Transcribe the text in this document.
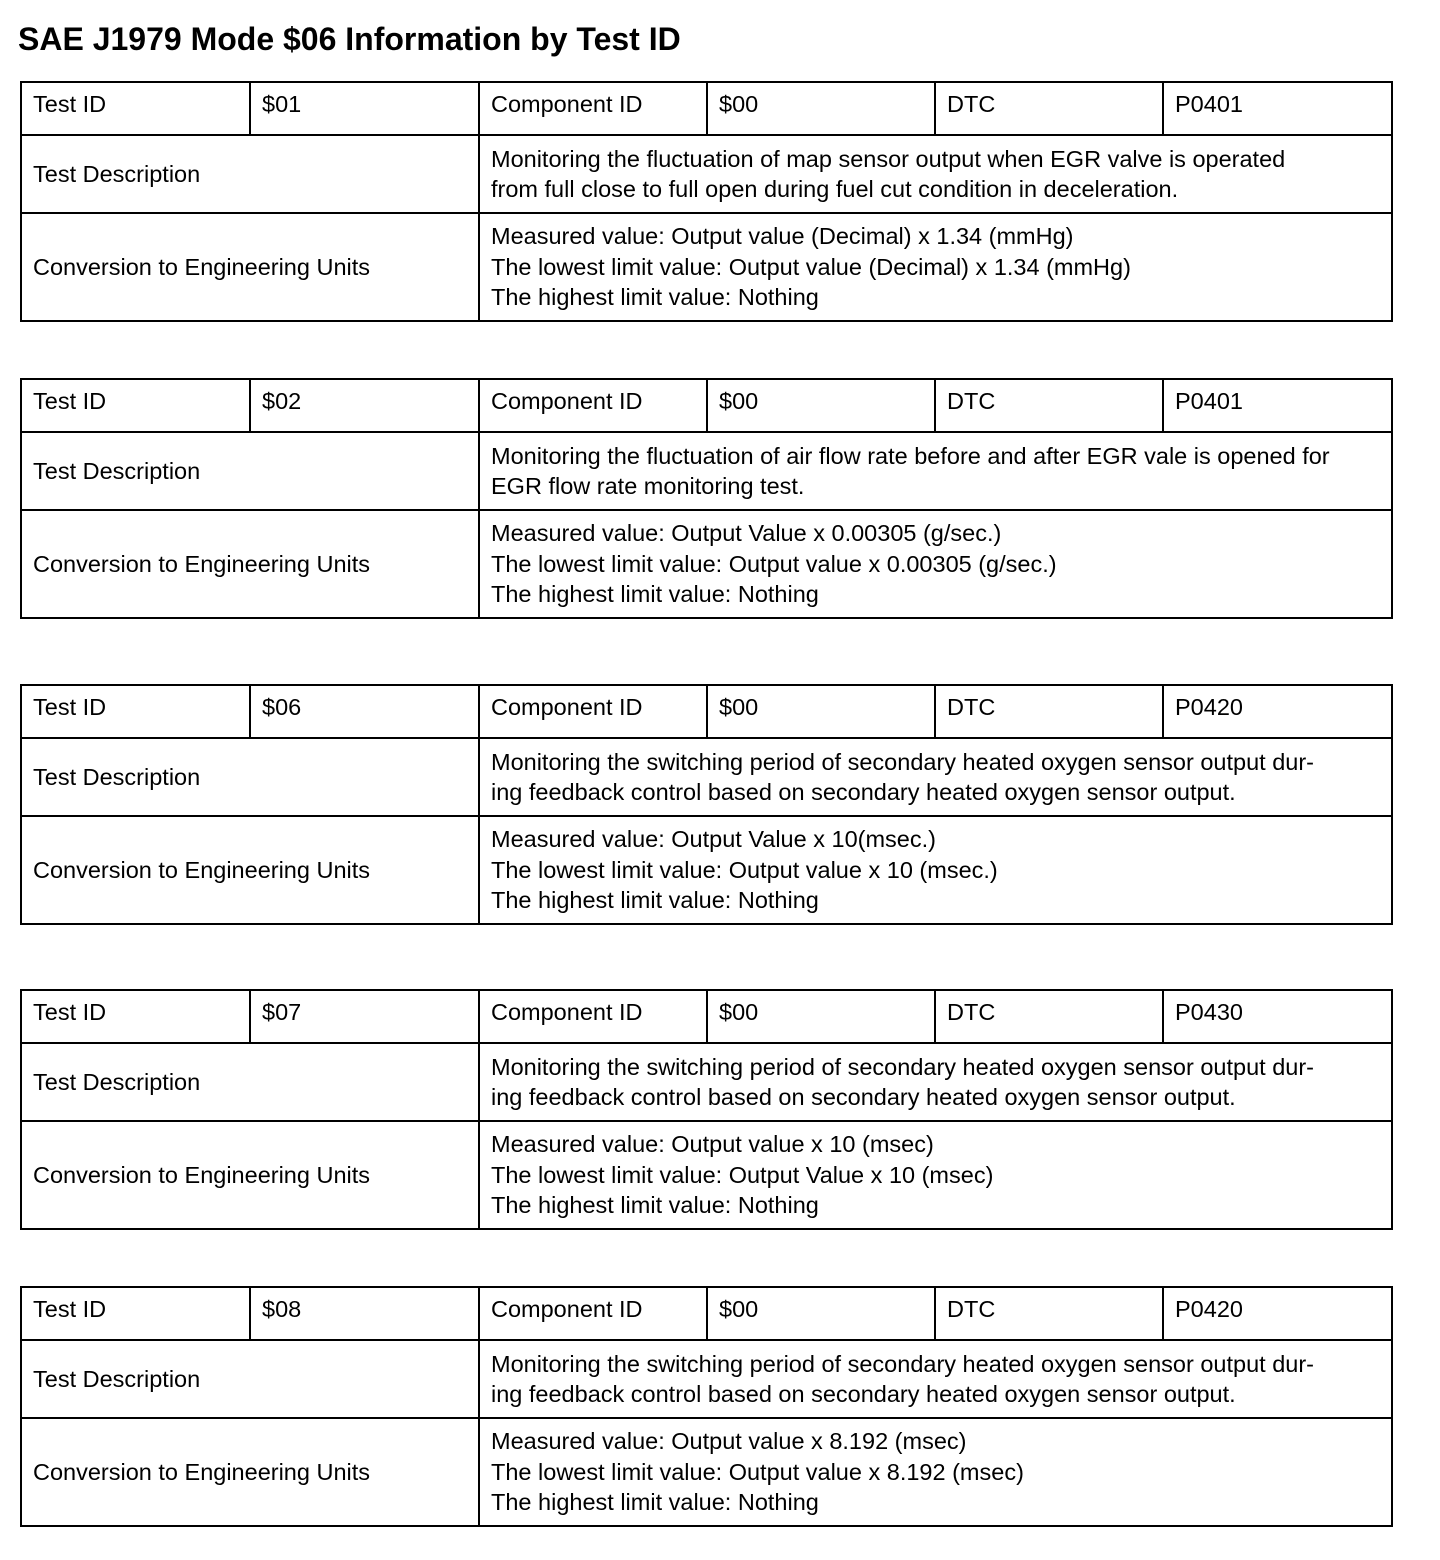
SAE J1979 Mode $06 Information by Test ID
Test ID	$01	Component ID	$00	DTC	P0401
Test Description		Monitoring the fluctuation of map sensor output when EGR valve is operated
from full close to full open during fuel cut condition in deceleration.			

Conversion to Engineering Units		Measured value: Output value (Decimal) x 1.34 (mmHg)
The lowest limit value: Output value (Decimal) x 1.34 (mmHg)
The highest limit value: Nothing			
Test ID	$02	Component ID	$00	DTC	P0401
Test Description		Monitoring the fluctuation of air flow rate before and after EGR vale is opened for
EGR flow rate monitoring test.			

Conversion to Engineering Units		Measured value: Output Value x 0.00305 (g/sec.)
The lowest limit value: Output value x 0.00305 (g/sec.)
The highest limit value: Nothing			
Test ID	$06	Component ID	$00	DTC	P0420
Test Description		Monitoring the switching period of secondary heated oxygen sensor output dur-
ing feedback control based on secondary heated oxygen sensor output.			

Conversion to Engineering Units		Measured value: Output Value x 10(msec.)
The lowest limit value: Output value x 10 (msec.)
The highest limit value: Nothing			
Test ID	$07	Component ID	$00	DTC	P0430
Test Description		Monitoring the switching period of secondary heated oxygen sensor output dur-
ing feedback control based on secondary heated oxygen sensor output.			

Conversion to Engineering Units		Measured value: Output value x 10 (msec)
The lowest limit value: Output Value x 10 (msec)
The highest limit value: Nothing			
Test ID	$08	Component ID	$00	DTC	P0420
Test Description		Monitoring the switching period of secondary heated oxygen sensor output dur-
ing feedback control based on secondary heated oxygen sensor output.			

Conversion to Engineering Units		Measured value: Output value x 8.192 (msec)
The lowest limit value: Output value x 8.192 (msec)
The highest limit value: Nothing			
